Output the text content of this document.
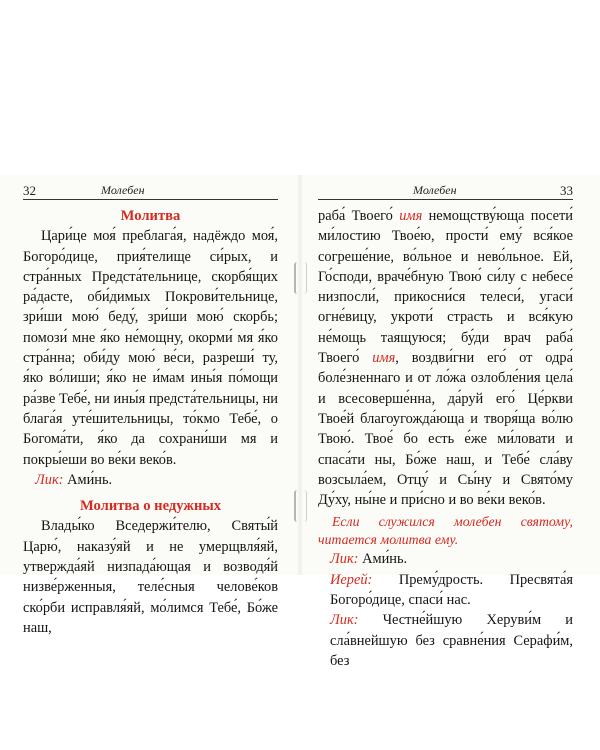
32	Молебен

Молитва

Цари́це моя́ преблага́я, надёждо моя́, Богоро́дице, прия́телище си́рых, и стра́нных Предста́тельнице, скорбя́щих ра́дасте, оби́димых Покрови́тельнице, зри́ши мою́ беду́, зри́ши мою́ скорбь; помози́ мне я́ко не́мощну, окорми́ мя я́ко стра́нна; оби́ду мою́ ве́си, разреши́ ту, я́ко во́лиши; я́ко не и́мам ины́я по́мощи ра́зве Тебе́, ни ины́я предста́тельницы, ни блага́я уте́шительницы, то́кмо Тебе́, о Богома́ти, я́ко да сохрани́ши мя и покры́еши во ве́ки веко́в.

Лик: Ами́нь.

Молитва о недужных

Влады́ко Вседержи́телю, Святы́й Царю́, наказу́яй и не умерщвля́яй, утвержда́яй низпада́ющая и возводя́й низве́рженныя, теле́сныя челове́ков ско́рби исправля́яй, мо́лимся Тебе́, Бо́же наш,

Молебен	33

раба́ Твоего́ имя немощству́юща посети́ ми́лостию Твое́ю, прости́ ему́ вся́кое согреше́ние, во́льное и нево́льное. Ей, Го́споди, враче́бную Твою́ си́лу с небесе́ низпосли́, прикосни́ся телеси́, угаси́ огне́вицу, укроти́ страсть и вся́кую не́мощь таящуюся; бу́ди врач раба́ Твоего́ имя, воздви́гни его́ от одра́ боле́зненнаго и от ло́жа озлобле́ния цела́ и всесоверше́нна, да́руй его́ Це́ркви Твое́й благоугожда́юща и творя́ща во́лю Твою́. Твое́ бо есть е́же ми́ловати и спаса́ти ны, Бо́же наш, и Тебе́ сла́ву возсыла́ем, Отцу́ и Сы́ну и Свято́му Ду́ху, ны́не и при́сно и во ве́ки веко́в.

Если служился молебен святому, читается молитва ему.

Лик: Ами́нь.

Иерей: Прему́дрость. Пресвята́я Богоро́дице, спаси́ нас.

Лик: Честне́йшую Херуви́м и сла́внейшую без сравне́ния Серафи́м, без
